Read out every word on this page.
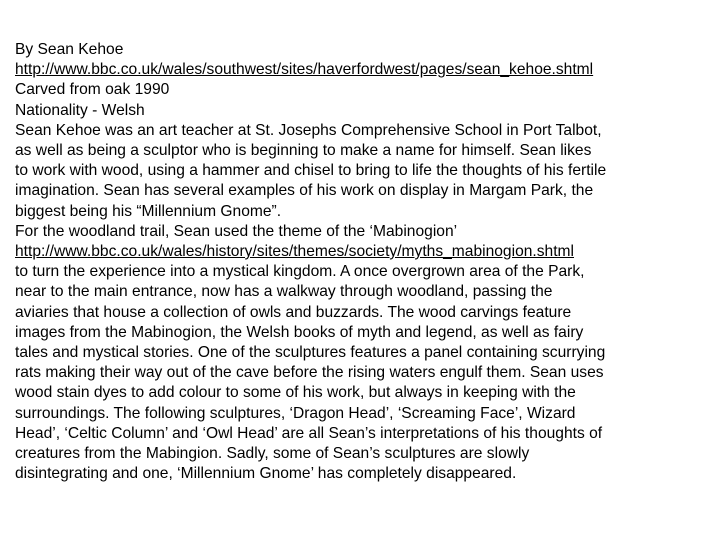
By Sean Kehoe
http://www.bbc.co.uk/wales/southwest/sites/haverfordwest/pages/sean_kehoe.shtml
Carved from oak 1990
Nationality - Welsh
Sean Kehoe was an art teacher at St. Josephs Comprehensive School in Port Talbot,
as well as being a sculptor who is beginning to make a name for himself. Sean likes
to work with wood, using a hammer and chisel to bring to life the thoughts of his fertile
imagination. Sean has several examples of his work on display in Margam Park, the
biggest being his “Millennium Gnome”.
For the woodland trail, Sean used the theme of the ‘Mabinogion’
http://www.bbc.co.uk/wales/history/sites/themes/society/myths_mabinogion.shtml
to turn the experience into a mystical kingdom. A once overgrown area of the Park,
near to the main entrance, now has a walkway through woodland, passing the
aviaries that house a collection of owls and buzzards. The wood carvings feature
images from the Mabinogion, the Welsh books of myth and legend, as well as fairy
tales and mystical stories. One of the sculptures features a panel containing scurrying
rats making their way out of the cave before the rising waters engulf them. Sean uses
wood stain dyes to add colour to some of his work, but always in keeping with the
surroundings. The following sculptures, ‘Dragon Head’, ‘Screaming Face’, Wizard
Head’, ‘Celtic Column’ and ‘Owl Head’ are all Sean’s interpretations of his thoughts of
creatures from the Mabingion. Sadly, some of Sean’s sculptures are slowly
disintegrating and one, ‘Millennium Gnome’ has completely disappeared.
